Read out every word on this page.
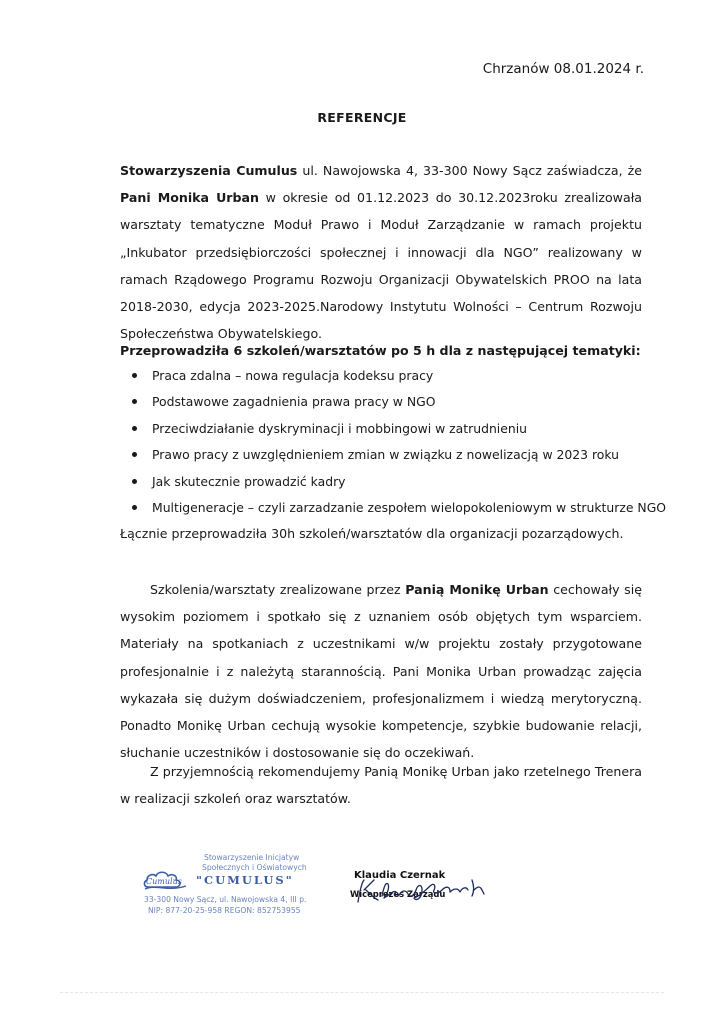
Chrzanów 08.01.2024 r.
REFERENCJE
Stowarzyszenia Cumulus ul. Nawojowska 4, 33-300 Nowy Sącz zaświadcza, że Pani Monika Urban w okresie od 01.12.2023 do 30.12.2023roku zrealizowała warsztaty tematyczne Moduł Prawo i Moduł Zarządzanie w ramach projektu „Inkubator przedsiębiorczości społecznej i innowacji dla NGO” realizowany w ramach Rządowego Programu Rozwoju Organizacji Obywatelskich PROO na lata 2018-2030, edycja 2023-2025.Narodowy Instytutu Wolności – Centrum Rozwoju Społeczeństwa Obywatelskiego.
Przeprowadziła 6 szkoleń/warsztatów po 5 h dla z następującej tematyki:
Praca zdalna – nowa regulacja kodeksu pracy
Podstawowe zagadnienia prawa pracy w NGO
Przeciwdziałanie dyskryminacji i mobbingowi w zatrudnieniu
Prawo pracy z uwzględnieniem zmian w związku z nowelizacją w 2023 roku
Jak skutecznie prowadzić kadry
Multigeneracje – czyli zarzadzanie zespołem wielopokoleniowym w strukturze NGO
Łącznie przeprowadziła 30h szkoleń/warsztatów dla organizacji pozarządowych.
Szkolenia/warsztaty zrealizowane przez Panią Monikę Urban cechowały się wysokim poziomem i spotkało się z uznaniem osób objętych tym wsparciem. Materiały na spotkaniach z uczestnikami w/w projektu zostały przygotowane profesjonalnie i z należytą starannością. Pani Monika Urban prowadząc zajęcia wykazała się dużym doświadczeniem, profesjonalizmem i wiedzą merytoryczną. Ponadto Monikę Urban cechują wysokie kompetencje, szybkie budowanie relacji, słuchanie uczestników i dostosowanie się do oczekiwań.
Z przyjemnością rekomendujemy Panią Monikę Urban jako rzetelnego Trenera w realizacji szkoleń oraz warsztatów.
Stowarzyszenie Inicjatyw
Społecznych i Oświatowych
Cumulus "CUMULUS"
33-300 Nowy Sącz, ul. Nawojowska 4, III p.
NIP: 877-20-25-958 REGON: 852753955
Klaudia Czernak
Wiceprezes Zarządu
